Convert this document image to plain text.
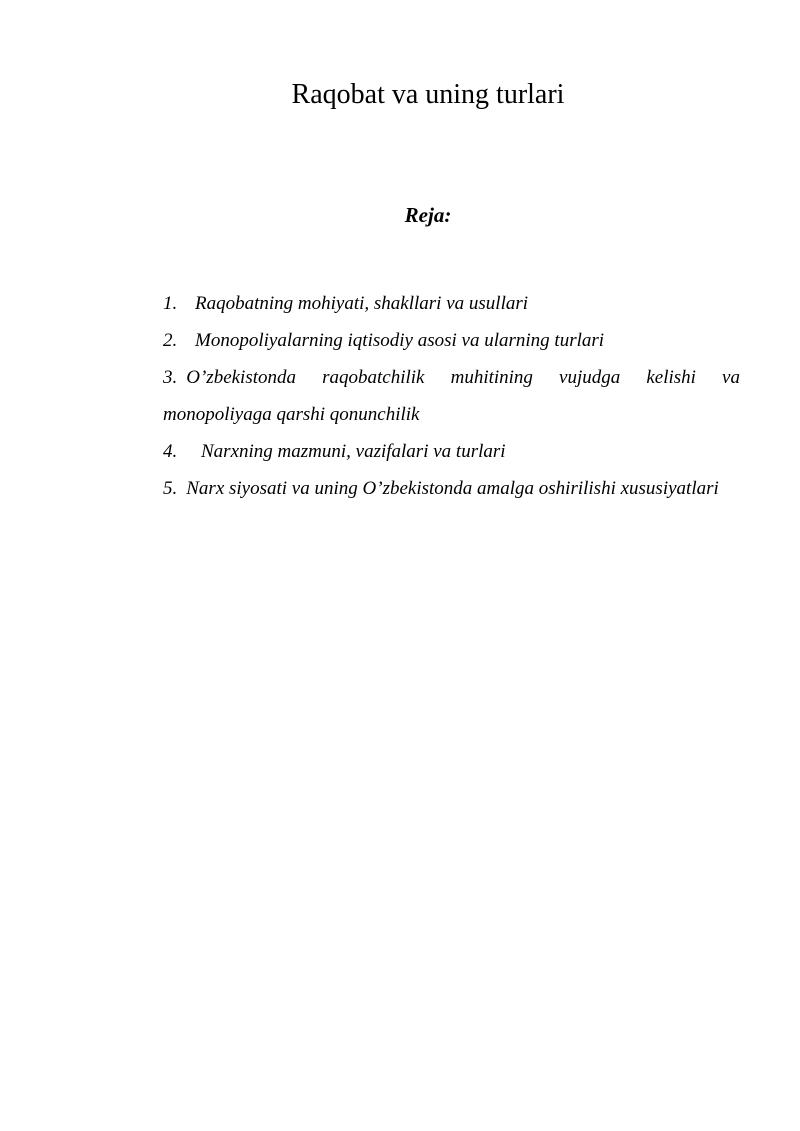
Raqobat va uning turlari
Reja:
1. Raqobatning mohiyati, shakllari va usullari
2. Monopoliyalarning iqtisodiy asosi va ularning turlari
3. O’zbekistonda raqobatchilik muhitining vujudga kelishi va monopoliyaga qarshi qonunchilik
4. Narxning mazmuni, vazifalari va turlari
5. Narx siyosati va uning O’zbekistonda amalga oshirilishi xususiyatlari
